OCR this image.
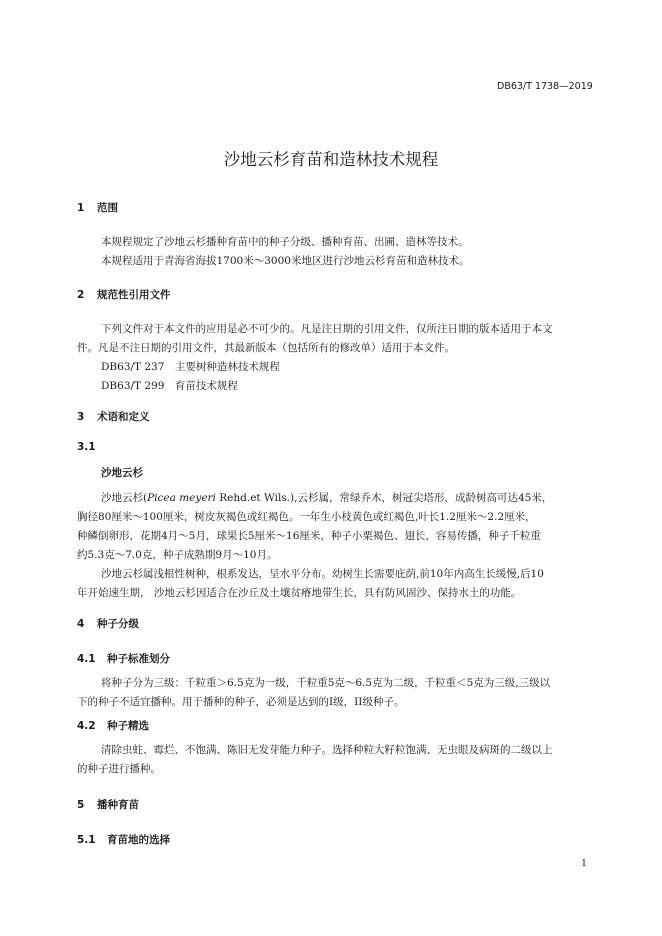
DB63/T 1738—2019
沙地云杉育苗和造林技术规程
1 范围
本规程规定了沙地云杉播种育苗中的种子分级、播种育苗、出圃、造林等技术。
本规程适用于青海省海拔1700米～3000米地区进行沙地云杉育苗和造林技术。
2 规范性引用文件
下列文件对于本文件的应用是必不可少的。凡是注日期的引用文件，仅所注日期的版本适用于本文
件。凡是不注日期的引用文件，其最新版本（包括所有的修改单）适用于本文件。
DB63/T 237　主要树种造林技术规程
DB63/T 299　育苗技术规程
3 术语和定义
3.1
沙地云杉
沙地云杉(Picea meyeri Rehd.et Wils.),云杉属，常绿乔木，树冠尖塔形，成龄树高可达45米，
胸径80厘米～100厘米，树皮灰褐色或红褐色。一年生小枝黄色或红褐色,叶长1.2厘米～2.2厘米，
种鳞倒卵形，花期4月～5月，球果长5厘米～16厘米，种子小栗褐色、翅长，容易传播，种子千粒重
约5.3克～7.0克，种子成熟期9月～10月。
沙地云杉属浅根性树种，根系发达，呈水平分布。幼树生长需要庇荫,前10年内高生长缓慢,后10
年开始速生期， 沙地云杉因适合在沙丘及土壤贫瘠地带生长，具有防风固沙、保持水土的功能。
4 种子分级
4.1 种子标准划分
将种子分为三级：千粒重＞6.5克为一级，千粒重5克～6.5克为二级，千粒重＜5克为三级,三级以
下的种子不适宜播种。用于播种的种子，必须是达到的I级，II级种子。
4.2 种子精选
清除虫蛀、霉烂、不饱满、陈旧无发芽能力种子。选择种粒大籽粒饱满、无虫眼及病斑的二级以上
的种子进行播种。
5 播种育苗
5.1 育苗地的选择
1
